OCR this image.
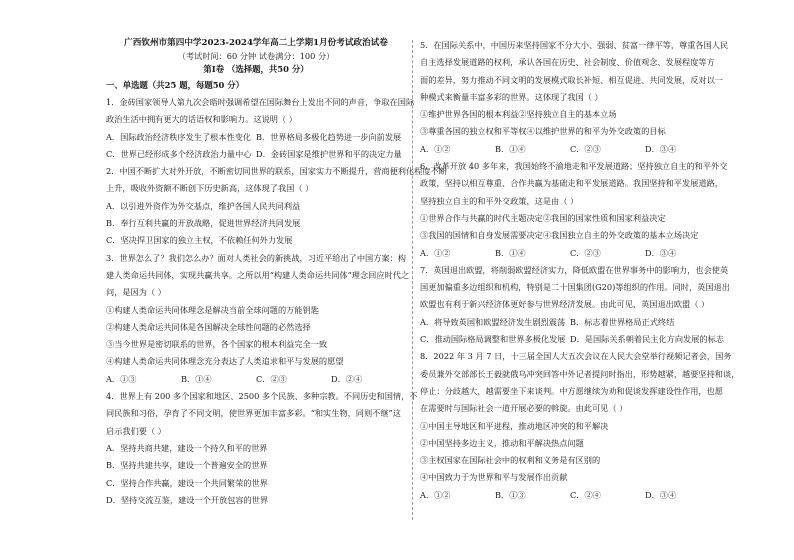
广西钦州市第四中学2023-2024学年高二上学期1月份考试政治试卷
（考试时间：60 分钟 试卷满分：100 分）
第Ⅰ卷 （选择题，共50 分）
一、单选题（共25 题，每题50 分）

1．金砖国家领导人第九次会晤时强调希望在国际舞台上发出不同的声音，争取在国际

政治生活中拥有更大的话语权和影响力。这说明（ ）

A．国际政治经济秩序发生了根本性变化 B．世界格局多极化趋势进一步向前发展
C．世界已经形成多个经济政治力量中心 D．金砖国家是维护世界和平的决定力量

2．中国不断扩大对外开放，不断密切同世界的联系，国家实力不断提升，营商便利化程度不断

上升，吸收外资额不断创下历史新高，这体现了我国（ ）

A．以引进外资作为外交基点，维护各国人民共同利益

B．奉行互利共赢的开放战略，促进世界经济共同发展

C．坚决捍卫国家的独立主权，不依赖任何外力发展

3．世界怎么了？我们怎么办？面对人类社会的新挑战，习近平给出了中国方案：构

建人类命运共同体，实现共赢共享。之所以用“构建人类命运共同体”理念回应时代之

问，是因为（ ）

①构建人类命运共同体理念是解决当前全球问题的万能钥匙

②构建人类命运共同体是各国解决全球性问题的必然选择

③当今世界是密切联系的世界，各个国家的根本利益完全一致

④构建人类命运共同体理念充分表达了人类追求和平与发展的愿望

A．①③	B．①④	C．②③	D．②④

4．世界上有 200 多个国家和地区、2500 多个民族、多种宗教。不同历史和国情，不

同民族和习俗，孕育了不同文明，使世界更加丰富多彩。“和实生物，同则不继”这

启示我们要（ ）

A．坚持共商共建，建设一个持久和平的世界

B．坚持共建共享，建设一个普遍安全的世界

C．坚持合作共赢，建设一个共同繁荣的世界

D．坚持交流互鉴，建设一个开放包容的世界

5．在国际关系中，中国历来坚持国家不分大小、强弱、贫富一律平等，尊重各国人民

自主选择发展道路的权利，承认各国在历史、社会制度、价值观念、发展程度等方

面的差异，努力推动不同文明的发展模式取长补短、相互促进、共同发展，反对以一

种模式来衡量丰富多彩的世界。这体现了我国（ ）

①维护世界各国的根本利益②坚持独立自主的基本立场

③尊重各国的独立权和平等权④以维护世界的和平为外交政策的目标

A．①②	B．①④	C．②③	D．③④

6．改革开放 40 多年来，我国始终不渝地走和平发展道路；坚持独立自主的和平外交

政策，坚持以相互尊重、合作共赢为基础走和平发展道路。我国坚持和平发展道路，

坚持独立自主的和平外交政策，这是由（ ）

①世界合作与共赢的时代主题决定②我国的国家性质和国家利益决定

③我国的国情和自身发展需要决定④我国独立自主的外交政策的基本立场决定

A．①②	B．①④	C．②③	D．③④

7．英国退出欧盟，将削弱欧盟经济实力，降低欧盟在世界事务中的影响力，也会使英

国更加偏重多边组织和机构，特别是二十国集团(G20)等组织的作用。同时，英国退出

欧盟也有利于新兴经济体更好参与世界经济发展。由此可见，英国退出欧盟（ ）

A．将导致英国和欧盟经济发生剧烈震荡 B．标志着世界格局正式终结
C．推动国际格局调整和世界多极化发展 D．是国际关系朝着民主化方向发展的标志

8．2022 年 3 月 7 日，十三届全国人大五次会议在人民大会堂举行视频记者会，国务

委员兼外交部部长王毅就俄乌冲突回答中外记者提问时指出，形势越紧，越要坚持和谈，

停止：分歧越大，越需要坐下来谈判。中方愿继续为劝和促谈发挥建设性作用，也愿

在需要时与国际社会一道开展必要的斡旋。由此可见（ ）

①中国主导地区和平进程，推动地区冲突的和平解决

②中国坚持多边主义，推动和平解决热点问题

③主权国家在国际社会中的权利和义务是有区别的

④中国致力于为世界和平与发展作出贡献

A．①②	B．①③	C．②④	D．③④
